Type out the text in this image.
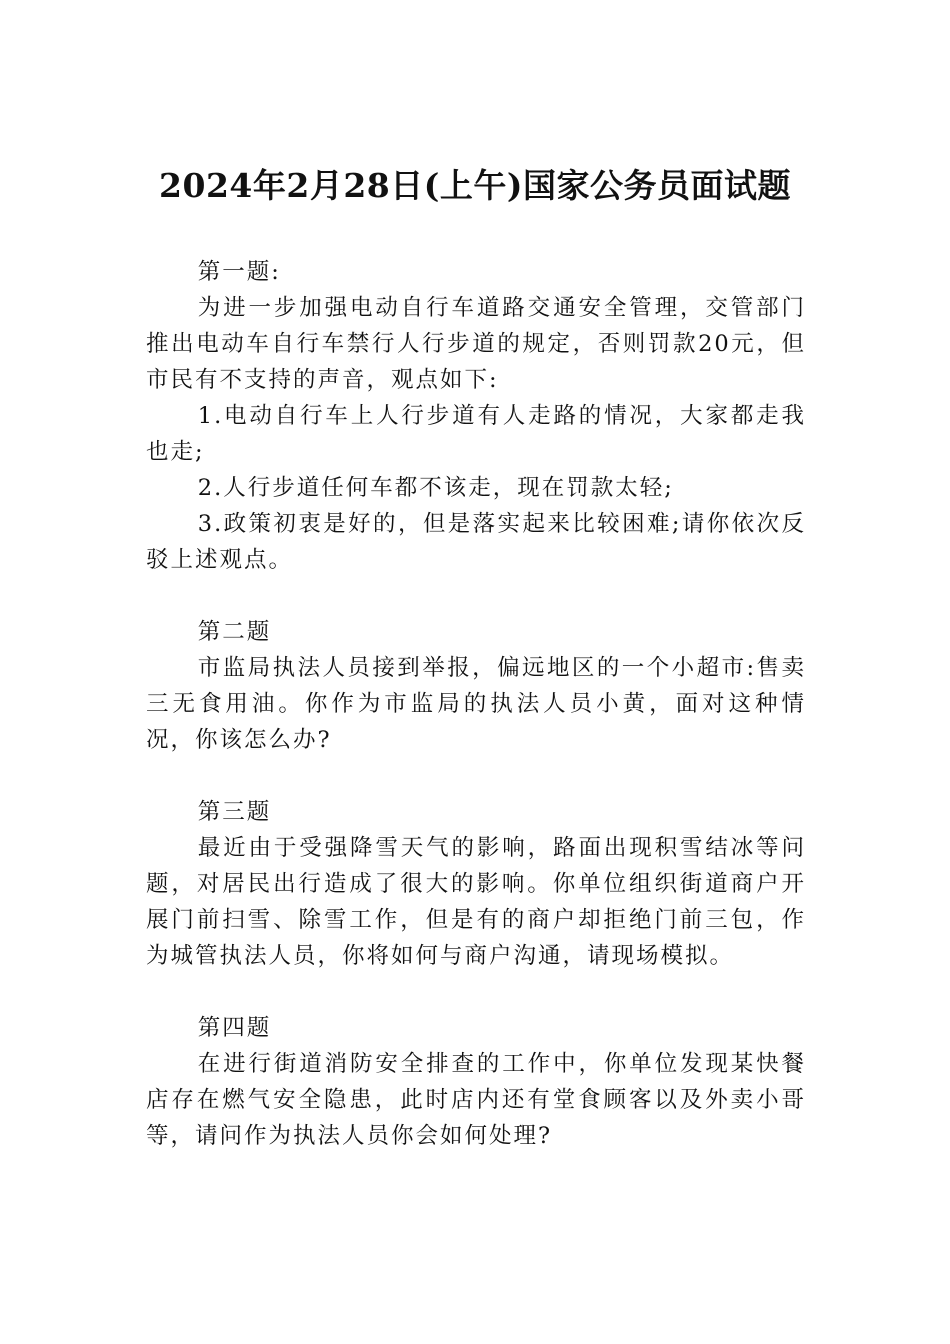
2024年2月28日(上午)国家公务员面试题

第一题:

为进一步加强电动自行车道路交通安全管理，交管部门推出电动车自行车禁行人行步道的规定，否则罚款20元，但市民有不支持的声音，观点如下:

1.电动自行车上人行步道有人走路的情况，大家都走我也走;

2.人行步道任何车都不该走，现在罚款太轻;

3.政策初衷是好的，但是落实起来比较困难;请你依次反驳上述观点。

第二题

市监局执法人员接到举报，偏远地区的一个小超市:售卖三无食用油。你作为市监局的执法人员小黄，面对这种情况，你该怎么办?

第三题

最近由于受强降雪天气的影响，路面出现积雪结冰等问题，对居民出行造成了很大的影响。你单位组织街道商户开展门前扫雪、除雪工作，但是有的商户却拒绝门前三包，作为城管执法人员，你将如何与商户沟通，请现场模拟。

第四题

在进行街道消防安全排查的工作中，你单位发现某快餐店存在燃气安全隐患，此时店内还有堂食顾客以及外卖小哥等，请问作为执法人员你会如何处理?
